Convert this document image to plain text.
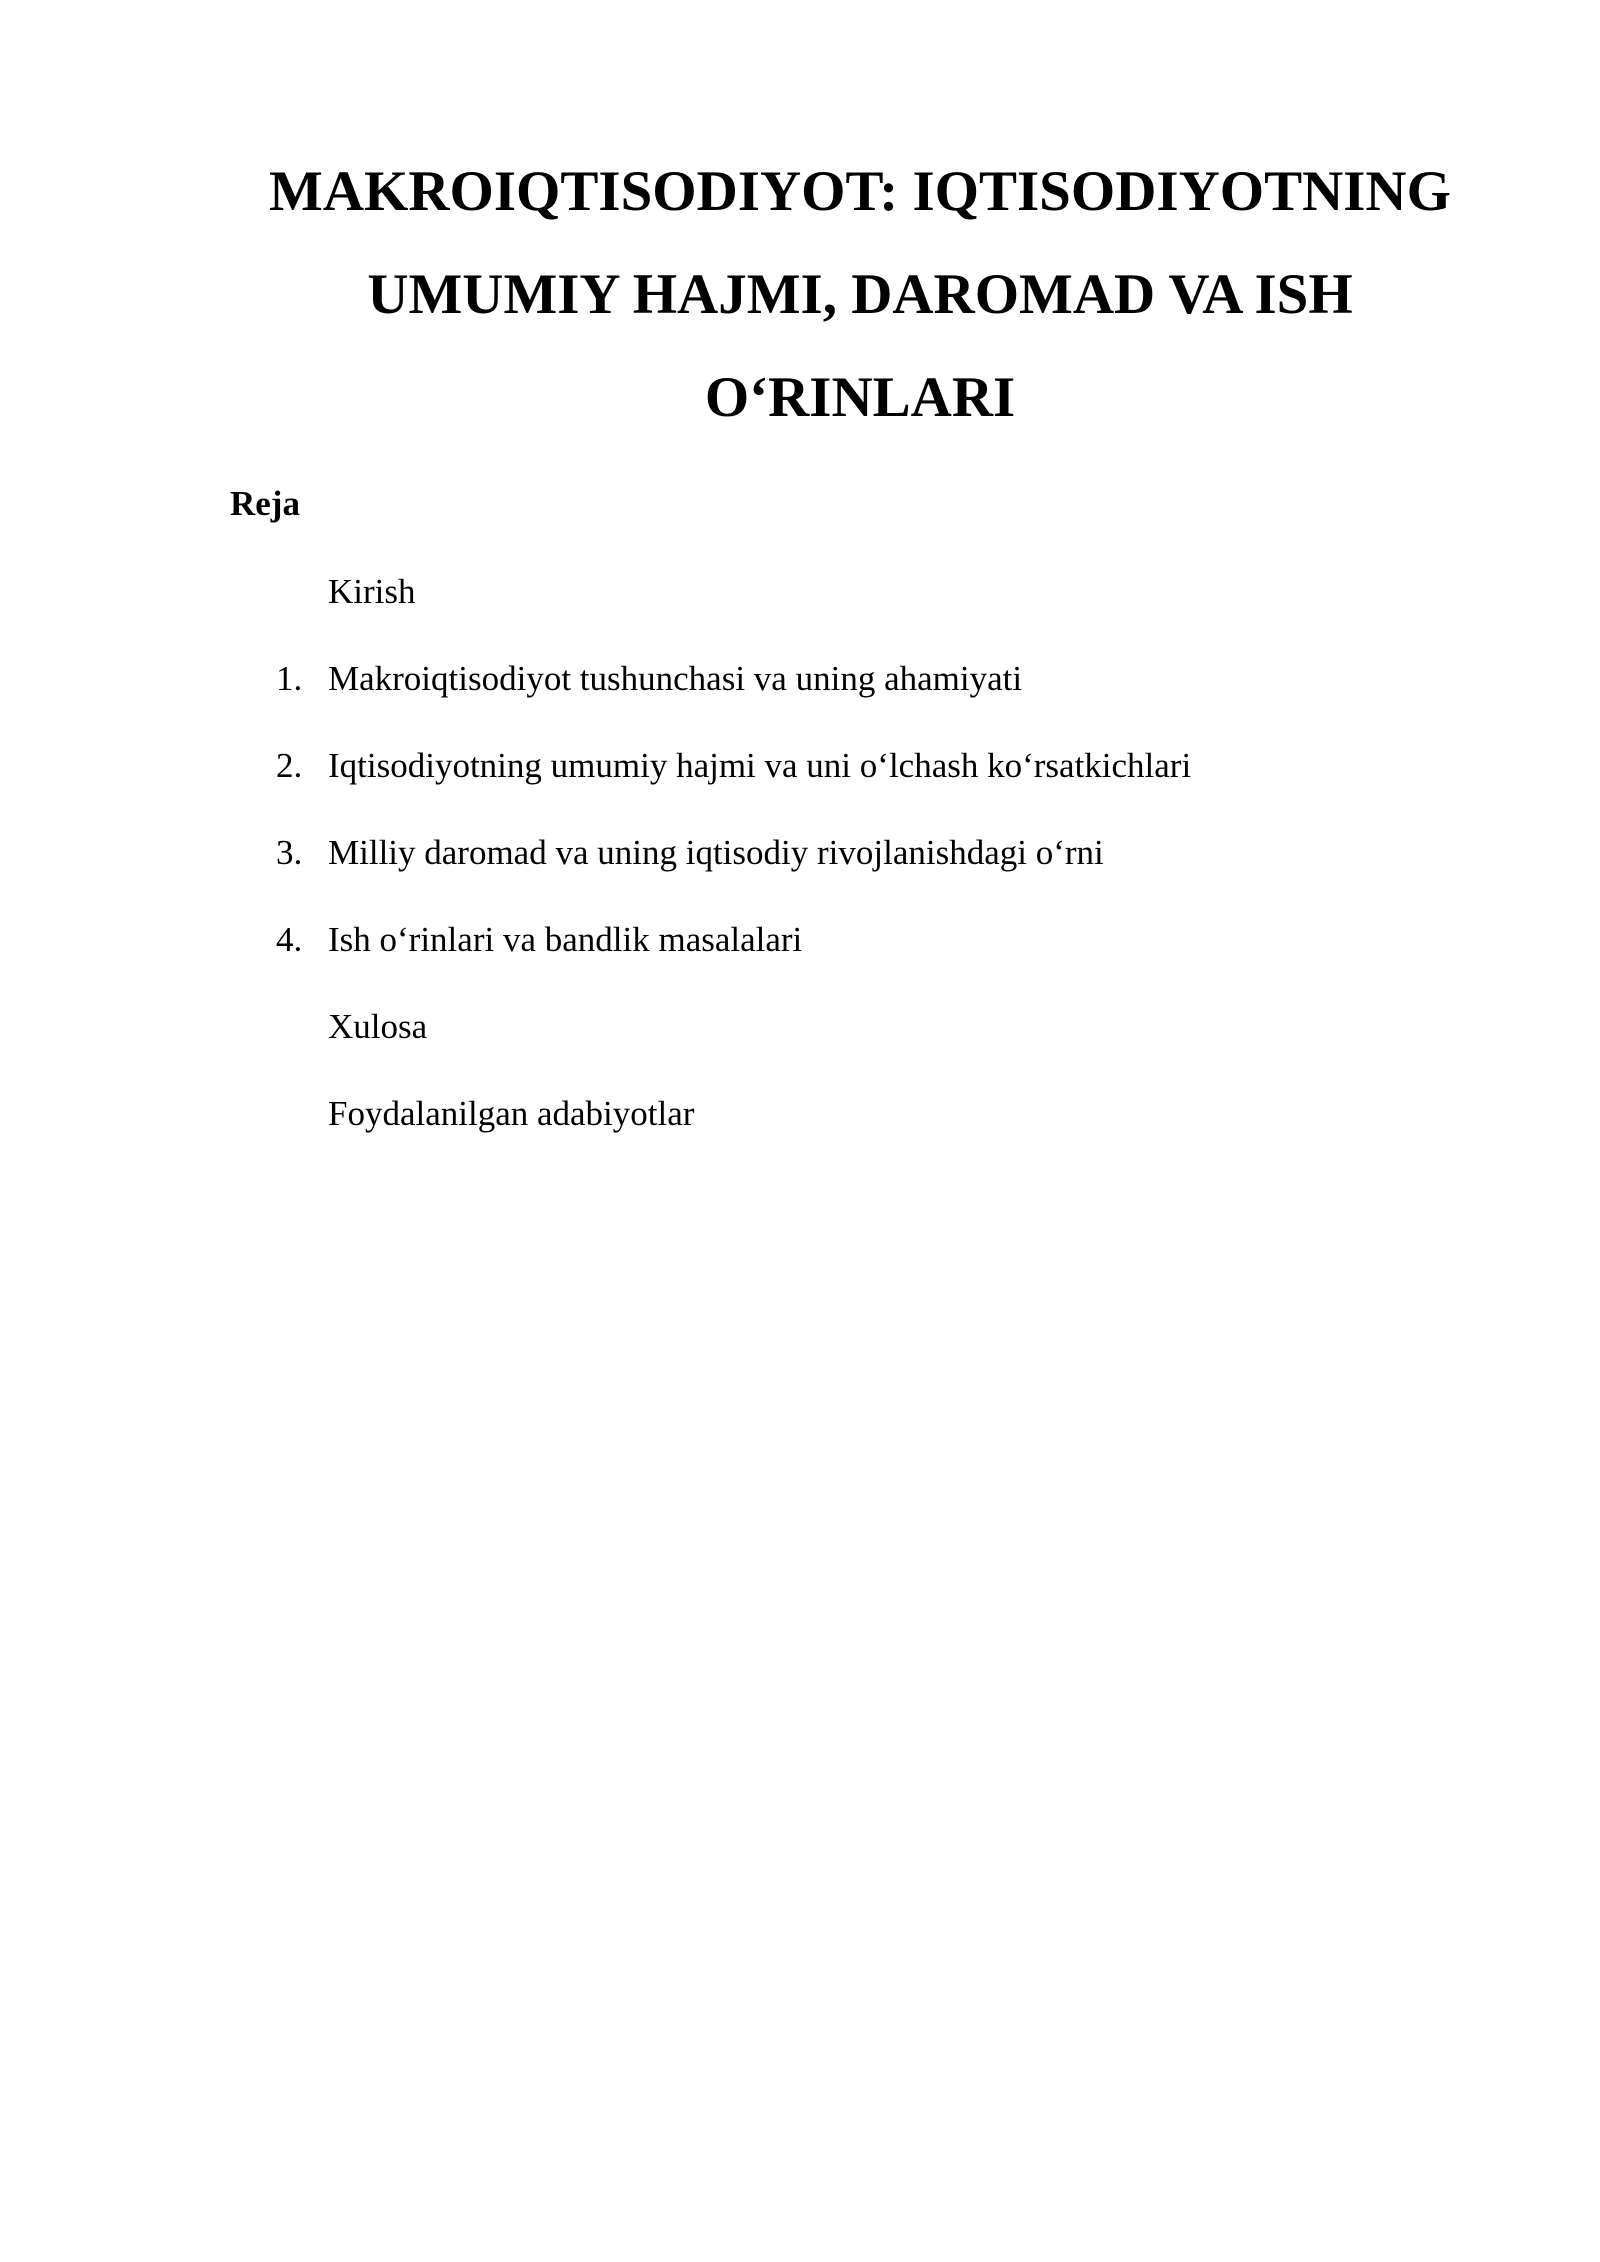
MAKROIQTISODIYOT: IQTISODIYOTNING
UMUMIY HAJMI, DAROMAD VA ISH
O‘RINLARI

Reja

Kirish
1. Makroiqtisodiyot tushunchasi va uning ahamiyati
2. Iqtisodiyotning umumiy hajmi va uni o‘lchash ko‘rsatkichlari
3. Milliy daromad va uning iqtisodiy rivojlanishdagi o‘rni
4. Ish o‘rinlari va bandlik masalalari
Xulosa
Foydalanilgan adabiyotlar
